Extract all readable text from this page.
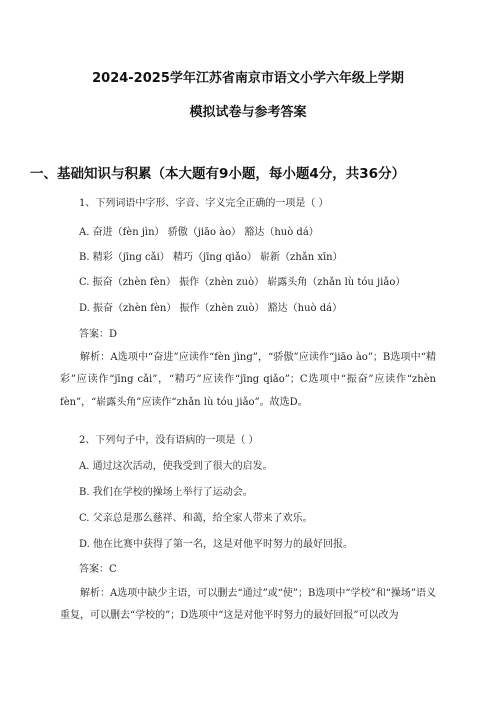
2024-2025学年江苏省南京市语文小学六年级上学期
模拟试卷与参考答案
一、基础知识与积累（本大题有9小题，每小题4分，共36分）
1、下列词语中字形、字音、字义完全正确的一项是（ ）
A. 奋进（fèn jìn） 骄傲（jiāo ào） 豁达（huò dá）
B. 精彩（jīng cǎi） 精巧（jīng qiǎo） 崭新（zhǎn xīn）
C. 振奋（zhèn fèn） 振作（zhèn zuò） 崭露头角（zhǎn lù tóu jiǎo）
D. 振奋（zhèn fèn） 振作（zhèn zuò） 豁达（huò dá）
答案：D

解析：A选项中“奋进”应读作“fèn jìng”，“骄傲”应读作“jiāo ào”；B选项中“精彩”应读作“jīng cǎi”，“精巧”应读作“jīng qiǎo”；C选项中“振奋”应读作“zhèn fèn”，“崭露头角”应读作“zhǎn lù tóu jiǎo”。故选D。

2、下列句子中，没有语病的一项是（ ）
A. 通过这次活动，使我受到了很大的启发。
B. 我们在学校的操场上举行了运动会。
C. 父亲总是那么慈祥、和蔼，给全家人带来了欢乐。
D. 他在比赛中获得了第一名，这是对他平时努力的最好回报。
答案：C

解析：A选项中缺少主语，可以删去“通过”或“使”；B选项中“学校”和“操场”语义重复，可以删去“学校的”；D选项中“这是对他平时努力的最好回报”可以改为
